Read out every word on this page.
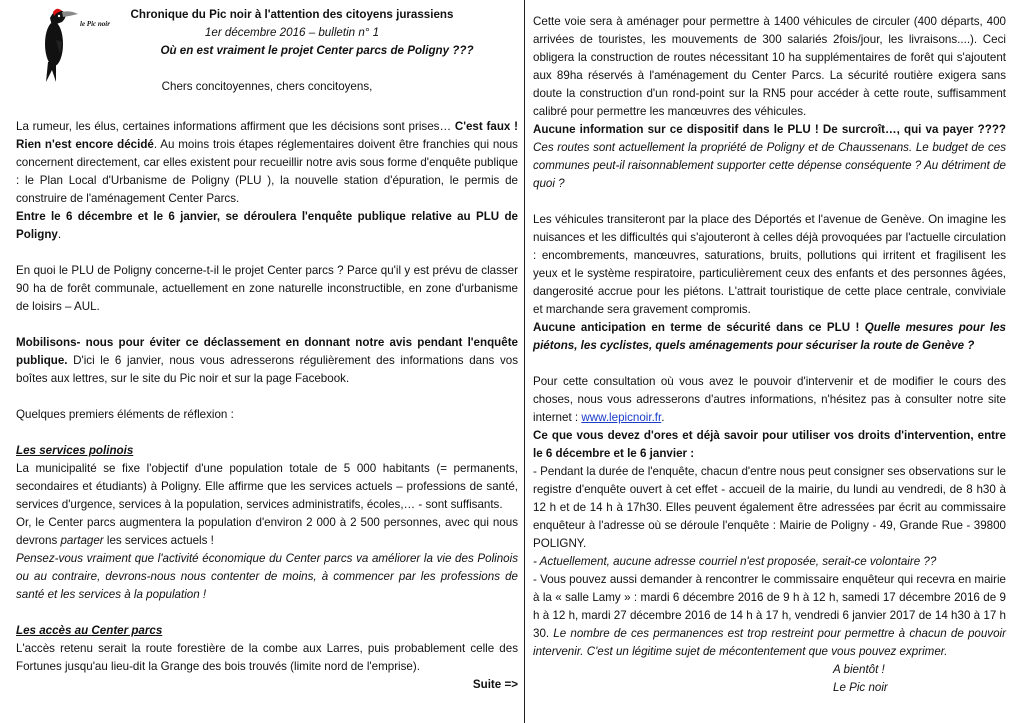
le Pic noir
Chronique du Pic noir à l'attention des citoyens jurassiens
1er décembre 2016 – bulletin n° 1
Où en est vraiment le projet Center parcs de Poligny ???

Chers concitoyennes, chers concitoyens,

La rumeur, les élus, certaines informations affirment que les décisions sont prises… C'est faux ! Rien n'est encore décidé. Au moins trois étapes réglementaires doivent être franchies qui nous concernent directement, car elles existent pour recueillir notre avis sous forme d'enquête publique : le Plan Local d'Urbanisme de Poligny (PLU ), la nouvelle station d'épuration, le permis de construire de l'aménagement Center Parcs.

Entre le 6 décembre et le 6 janvier, se déroulera l'enquête publique relative au PLU de Poligny.

En quoi le PLU de Poligny concerne-t-il le projet Center parcs ? Parce qu'il y est prévu de classer 90 ha de forêt communale, actuellement en zone naturelle inconstructible, en zone d'urbanisme de loisirs – AUL.

Mobilisons- nous pour éviter ce déclassement en donnant notre avis pendant l'enquête publique. D'ici le 6 janvier, nous vous adresserons régulièrement des informations dans vos boîtes aux lettres, sur le site du Pic noir et sur la page Facebook.

Quelques premiers éléments de réflexion :

Les services polinois

La municipalité se fixe l'objectif d'une population totale de 5 000 habitants (= permanents, secondaires et étudiants) à Poligny. Elle affirme que les services actuels – professions de santé, services d'urgence, services à la population, services administratifs, écoles,… - sont suffisants.

Or, le Center parcs augmentera la population d'environ 2 000 à 2 500 personnes, avec qui nous devrons partager les services actuels !

Pensez-vous vraiment que l'activité économique du Center parcs va améliorer la vie des Polinois ou au contraire, devrons-nous nous contenter de moins, à commencer par les professions de santé et les services à la population !

Les accès au Center parcs

L'accès retenu serait la route forestière de la combe aux Larres, puis probablement celle des Fortunes jusqu'au lieu-dit la Grange des bois trouvés (limite nord de l'emprise).

Suite =>

Cette voie sera à aménager pour permettre à 1400 véhicules de circuler (400 départs, 400 arrivées de touristes, les mouvements de 300 salariés 2fois/jour, les livraisons....). Ceci obligera la construction de routes nécessitant 10 ha supplémentaires de forêt qui s'ajoutent aux 89ha réservés à l'aménagement du Center Parcs. La sécurité routière exigera sans doute la construction d'un rond-point sur la RN5 pour accéder à cette route, suffisamment calibré pour permettre les manœuvres des véhicules.

Aucune information sur ce dispositif dans le PLU ! De surcroît…, qui va payer ???? Ces routes sont actuellement la propriété de Poligny et de Chaussenans. Le budget de ces communes peut-il raisonnablement supporter cette dépense conséquente ? Au détriment de quoi ?

Les véhicules transiteront par la place des Déportés et l'avenue de Genève. On imagine les nuisances et les difficultés qui s'ajouteront à celles déjà provoquées par l'actuelle circulation : encombrements, manœuvres, saturations, bruits, pollutions qui irritent et fragilisent les yeux et le système respiratoire, particulièrement ceux des enfants et des personnes âgées, dangerosité accrue pour les piétons. L'attrait touristique de cette place centrale, conviviale et marchande sera gravement compromis.

Aucune anticipation en terme de sécurité dans ce PLU ! Quelle mesures pour les piétons, les cyclistes, quels aménagements pour sécuriser la route de Genève ?

Pour cette consultation où vous avez le pouvoir d'intervenir et de modifier le cours des choses, nous vous adresserons d'autres informations, n'hésitez pas à consulter notre site internet : www.lepicnoir.fr.

Ce que vous devez d'ores et déjà savoir pour utiliser vos droits d'intervention, entre le 6 décembre et le 6 janvier :

- Pendant la durée de l'enquête, chacun d'entre nous peut consigner ses observations sur le registre d'enquête ouvert à cet effet - accueil de la mairie, du lundi au vendredi, de 8 h30 à 12 h et de 14 h à 17h30. Elles peuvent également être adressées par écrit au commissaire enquêteur à l'adresse où se déroule l'enquête : Mairie de Poligny - 49, Grande Rue - 39800 POLIGNY.

- Actuellement, aucune adresse courriel n'est proposée, serait-ce volontaire ??

- Vous pouvez aussi demander à rencontrer le commissaire enquêteur qui recevra en mairie à la « salle Lamy » : mardi 6 décembre 2016 de 9 h à 12 h, samedi 17 décembre 2016 de 9 h à 12 h, mardi 27 décembre 2016 de 14 h à 17 h, vendredi 6 janvier 2017 de 14 h30 à 17 h 30. Le nombre de ces permanences est trop restreint pour permettre à chacun de pouvoir intervenir. C'est un légitime sujet de mécontentement que vous pouvez exprimer.

A bientôt !

Le Pic noir
